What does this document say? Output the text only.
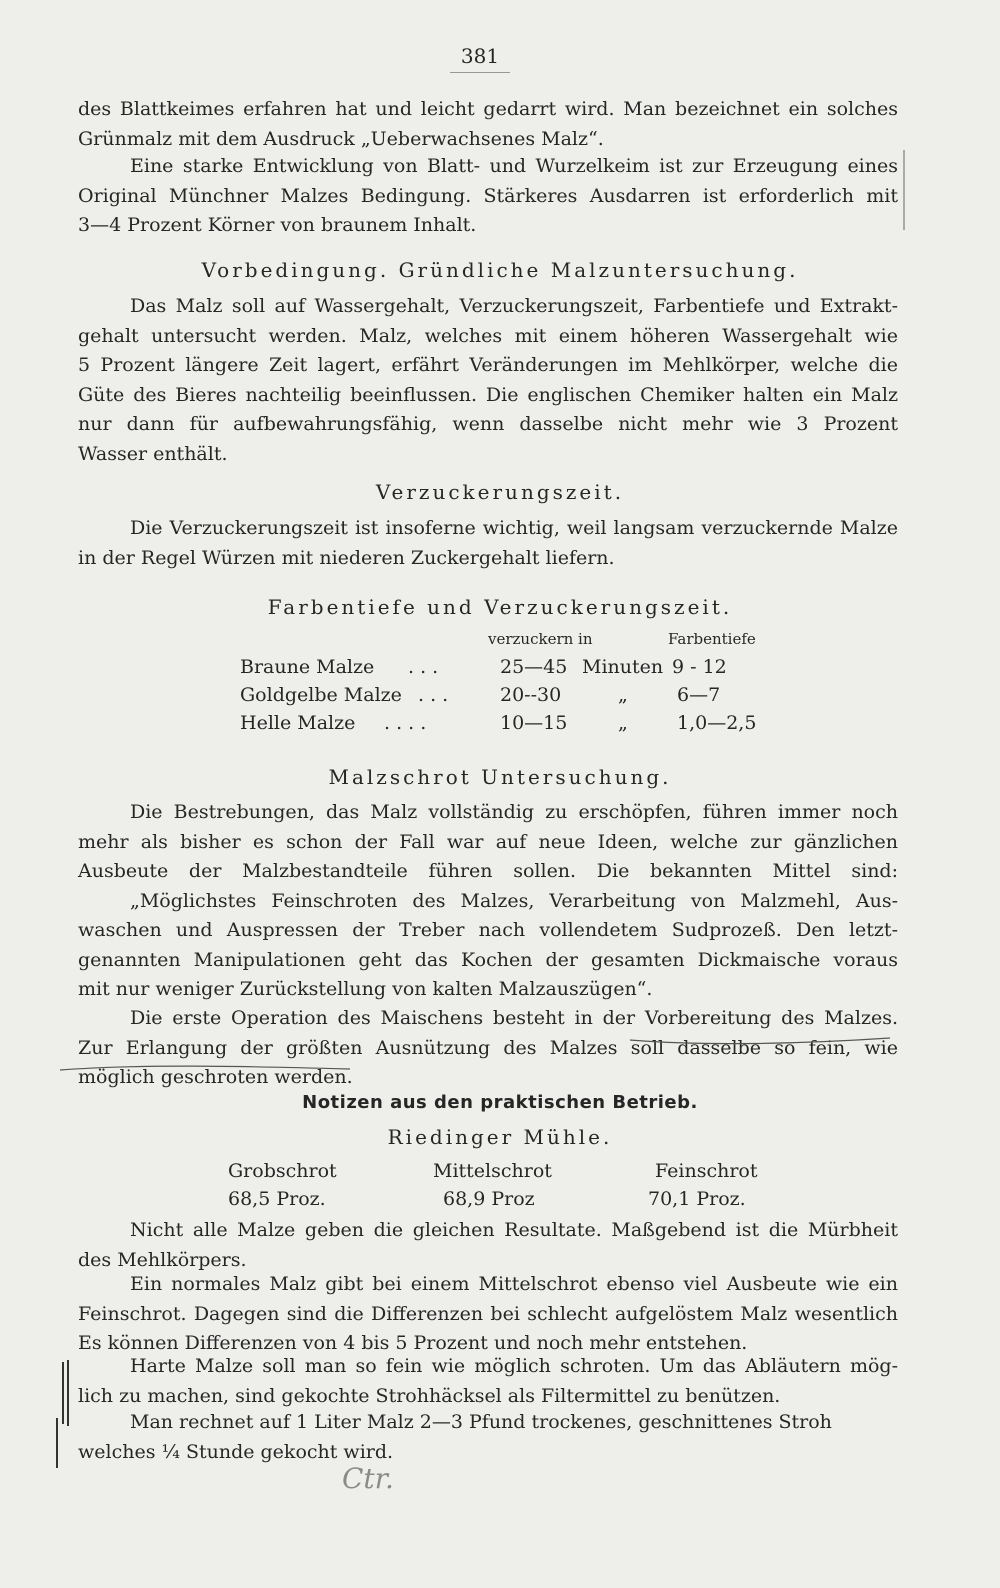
381
des Blattkeimes erfahren hat und leicht gedarrt wird. Man bezeichnet ein solches
Grünmalz mit dem Ausdruck „Ueberwachsenes Malz“.
Eine starke Entwicklung von Blatt- und Wurzelkeim ist zur Erzeugung eines
Original Münchner Malzes Bedingung. Stärkeres Ausdarren ist erforderlich mit
3—4 Prozent Körner von braunem Inhalt.
Vorbedingung. Gründliche Malzuntersuchung.
Das Malz soll auf Wassergehalt, Verzuckerungszeit, Farbentiefe und Extrakt-
gehalt untersucht werden. Malz, welches mit einem höheren Wassergehalt wie
5 Prozent längere Zeit lagert, erfährt Veränderungen im Mehlkörper, welche die
Güte des Bieres nachteilig beeinflussen. Die englischen Chemiker halten ein Malz
nur dann für aufbewahrungsfähig, wenn dasselbe nicht mehr wie 3 Prozent
Wasser enthält.
Verzuckerungszeit.
Die Verzuckerungszeit ist insoferne wichtig, weil langsam verzuckernde Malze
in der Regel Würzen mit niederen Zuckergehalt liefern.
Farbentiefe und Verzuckerungszeit.
verzuckern in	Farbentiefe
Braune Malze . . .	25—45 Minuten 9 - 12
Goldgelbe Malze . . .	20--30	„	6—7
Helle Malze . . . .	10—15	„	1,0—2,5
Malzschrot Untersuchung.
Die Bestrebungen, das Malz vollständig zu erschöpfen, führen immer noch
mehr als bisher es schon der Fall war auf neue Ideen, welche zur gänzlichen
Ausbeute der Malzbestandteile führen sollen. Die bekannten Mittel sind:
„Möglichstes Feinschroten des Malzes, Verarbeitung von Malzmehl, Aus-
waschen und Auspressen der Treber nach vollendetem Sudprozeß. Den letzt-
genannten Manipulationen geht das Kochen der gesamten Dickmaische voraus
mit nur weniger Zurückstellung von kalten Malzauszügen“.
Die erste Operation des Maischens besteht in der Vorbereitung des Malzes.
Zur Erlangung der größten Ausnützung des Malzes soll dasselbe so fein, wie
möglich geschroten werden.
Notizen aus den praktischen Betrieb.
Riedinger Mühle.
Grobschrot	Mittelschrot	Feinschrot
68,5 Proz.	68,9 Proz	70,1 Proz.
Nicht alle Malze geben die gleichen Resultate. Maßgebend ist die Mürbheit
des Mehlkörpers.
Ein normales Malz gibt bei einem Mittelschrot ebenso viel Ausbeute wie ein
Feinschrot. Dagegen sind die Differenzen bei schlecht aufgelöstem Malz wesentlich
Es können Differenzen von 4 bis 5 Prozent und noch mehr entstehen.
Harte Malze soll man so fein wie möglich schroten. Um das Abläutern mög-
lich zu machen, sind gekochte Strohhäcksel als Filtermittel zu benützen.
Man rechnet auf 1 Liter Malz 2—3 Pfund trockenes, geschnittenes Stroh
welches ¼ Stunde gekocht wird.
Ctr.
